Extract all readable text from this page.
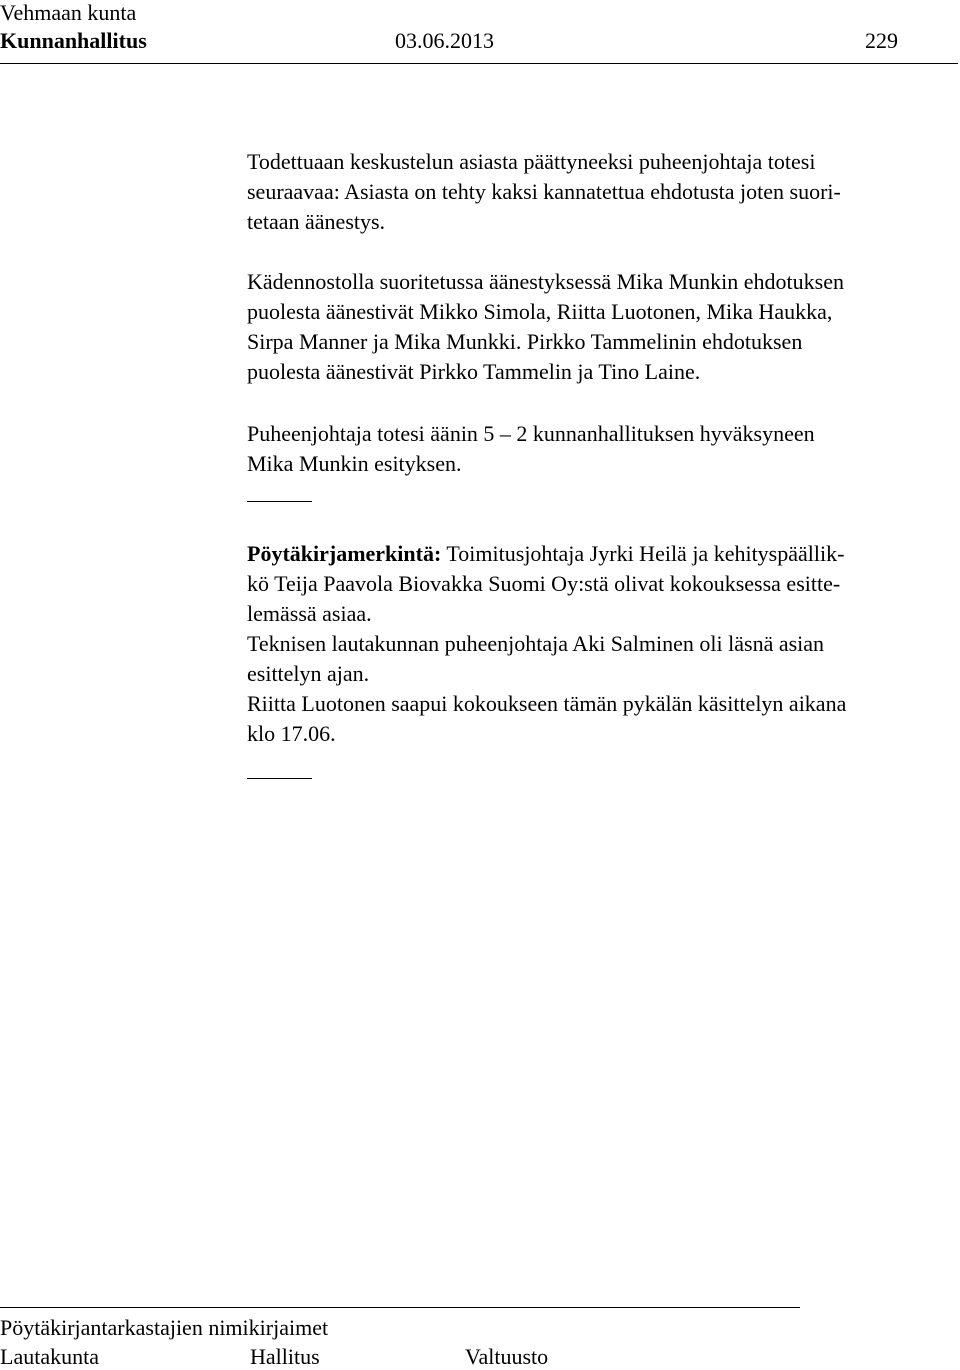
Vehmaan kunta
Kunnanhallitus	03.06.2013	229
Todettuaan keskustelun asiasta päättyneeksi puheenjohtaja totesi
seuraavaa: Asiasta on tehty kaksi kannatettua ehdotusta joten suori-
tetaan äänestys.
Kädennostolla suoritetussa äänestyksessä Mika Munkin ehdotuksen
puolesta äänestivät Mikko Simola, Riitta Luotonen, Mika Haukka,
Sirpa Manner ja Mika Munkki. Pirkko Tammelinin ehdotuksen
puolesta äänestivät Pirkko Tammelin ja Tino Laine.
Puheenjohtaja totesi äänin 5 – 2 kunnanhallituksen hyväksyneen
Mika Munkin esityksen.
Pöytäkirjamerkintä: Toimitusjohtaja Jyrki Heilä ja kehityspäällik-
kö Teija Paavola Biovakka Suomi Oy:stä olivat kokouksessa esitte-
lemässä asiaa.
Teknisen lautakunnan puheenjohtaja Aki Salminen oli läsnä asian
esittelyn ajan.
Riitta Luotonen saapui kokoukseen tämän pykälän käsittelyn aikana
klo 17.06.
Pöytäkirjantarkastajien nimikirjaimet
Lautakunta	Hallitus	Valtuusto
